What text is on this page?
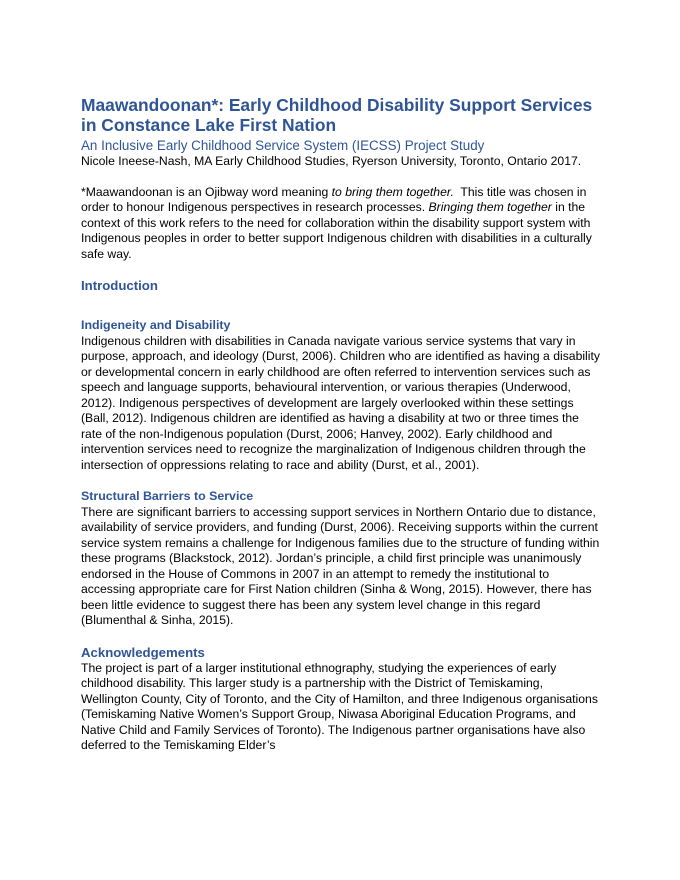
Maawandoonan*: Early Childhood Disability Support Services in Constance Lake First Nation
An Inclusive Early Childhood Service System (IECSS) Project Study

Nicole Ineese-Nash, MA Early Childhood Studies, Ryerson University, Toronto, Ontario 2017.

*Maawandoonan is an Ojibway word meaning to bring them together.  This title was chosen in order to honour Indigenous perspectives in research processes. Bringing them together in the context of this work refers to the need for collaboration within the disability support system with Indigenous peoples in order to better support Indigenous children with disabilities in a culturally safe way.

Introduction
Indigeneity and Disability

Indigenous children with disabilities in Canada navigate various service systems that vary in purpose, approach, and ideology (Durst, 2006). Children who are identified as having a disability or developmental concern in early childhood are often referred to intervention services such as speech and language supports, behavioural intervention, or various therapies (Underwood, 2012). Indigenous perspectives of development are largely overlooked within these settings (Ball, 2012). Indigenous children are identified as having a disability at two or three times the rate of the non-Indigenous population (Durst, 2006; Hanvey, 2002). Early childhood and intervention services need to recognize the marginalization of Indigenous children through the intersection of oppressions relating to race and ability (Durst, et al., 2001).

Structural Barriers to Service

There are significant barriers to accessing support services in Northern Ontario due to distance, availability of service providers, and funding (Durst, 2006). Receiving supports within the current service system remains a challenge for Indigenous families due to the structure of funding within these programs (Blackstock, 2012). Jordan’s principle, a child first principle was unanimously endorsed in the House of Commons in 2007 in an attempt to remedy the institutional to accessing appropriate care for First Nation children (Sinha & Wong, 2015). However, there has been little evidence to suggest there has been any system level change in this regard (Blumenthal & Sinha, 2015).

Acknowledgements

The project is part of a larger institutional ethnography, studying the experiences of early childhood disability. This larger study is a partnership with the District of Temiskaming, Wellington County, City of Toronto, and the City of Hamilton, and three Indigenous organisations (Temiskaming Native Women’s Support Group, Niwasa Aboriginal Education Programs, and Native Child and Family Services of Toronto). The Indigenous partner organisations have also deferred to the Temiskaming Elder’s
